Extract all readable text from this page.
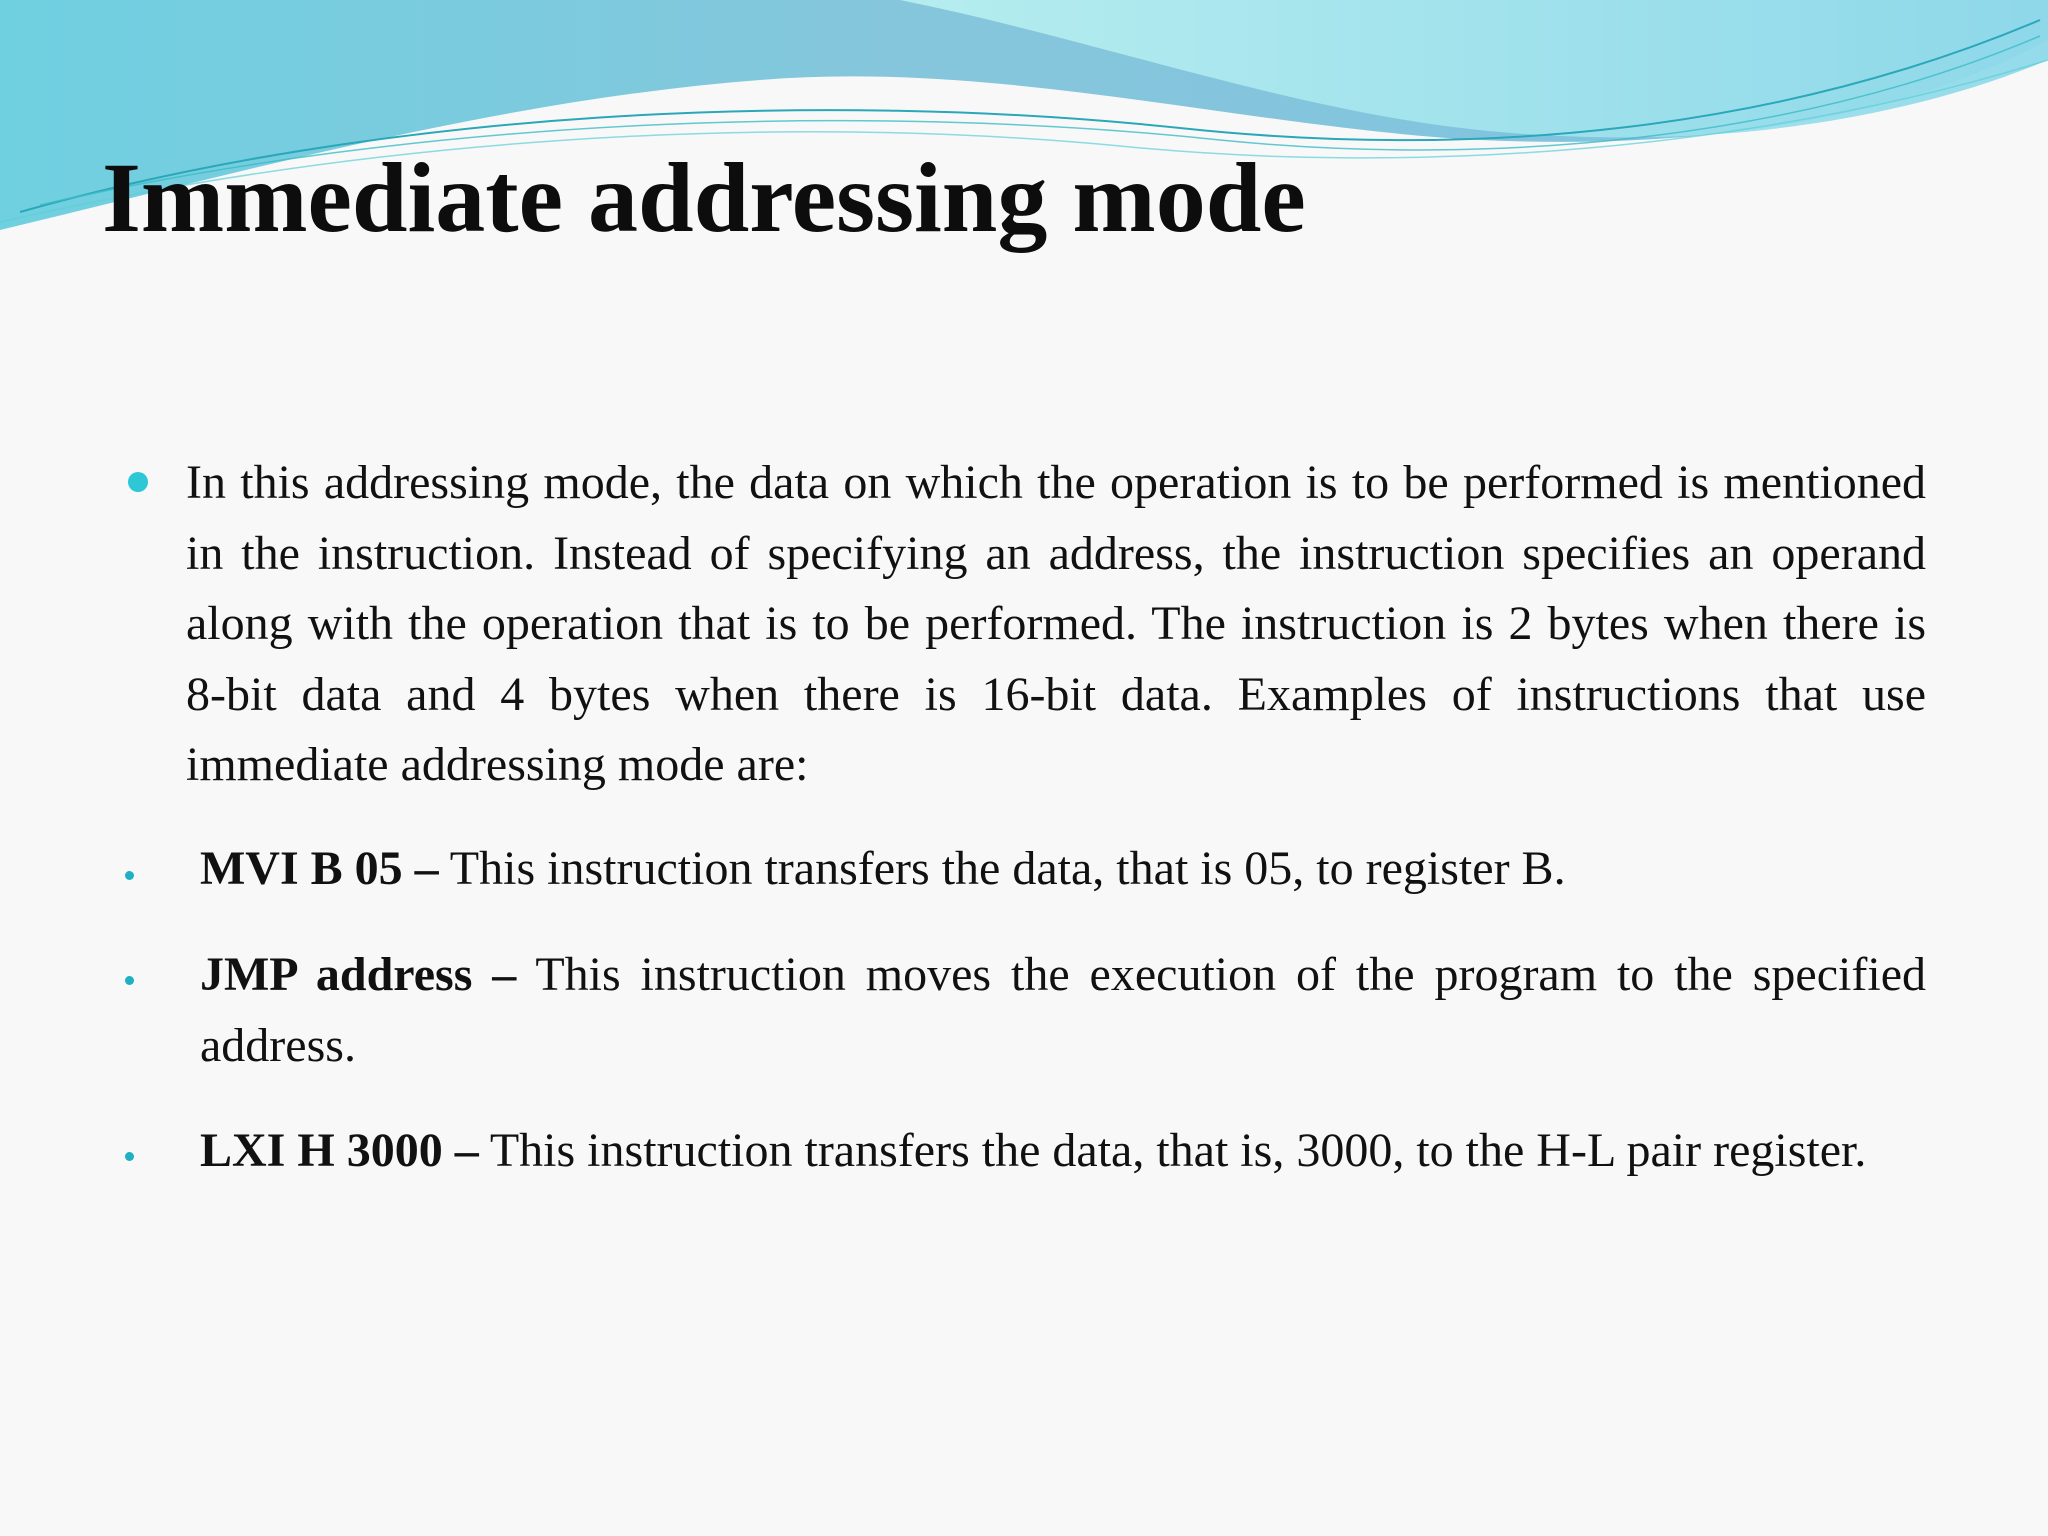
Immediate addressing mode

In this addressing mode, the data on which the operation is to be performed is mentioned in the instruction. Instead of specifying an address, the instruction specifies an operand along with the operation that is to be performed. The instruction is 2 bytes when there is 8-bit data and 4 bytes when there is 16-bit data. Examples of instructions that use immediate addressing mode are:

MVI B 05 – This instruction transfers the data, that is 05, to register B.

JMP address – This instruction moves the execution of the program to the specified address.

LXI H 3000 – This instruction transfers the data, that is, 3000, to the H-L pair register.
